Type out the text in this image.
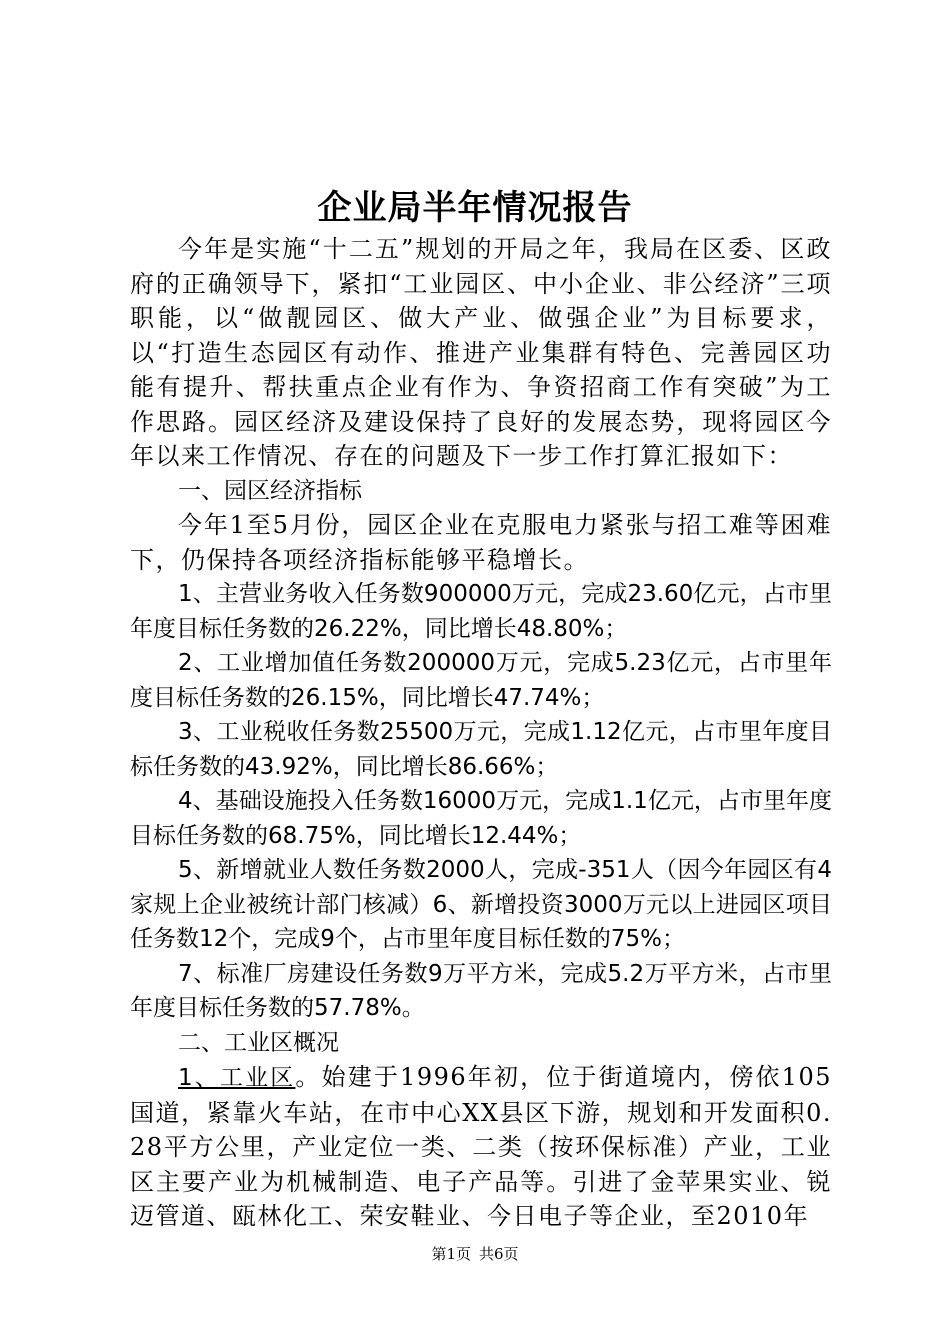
企业局半年情况报告

今年是实施“十二五”规划的开局之年，我局在区委、区政府的正确领导下，紧扣“工业园区、中小企业、非公经济”三项职能，以“做靓园区、做大产业、做强企业”为目标要求，以“打造生态园区有动作、推进产业集群有特色、完善园区功能有提升、帮扶重点企业有作为、争资招商工作有突破”为工作思路。园区经济及建设保持了良好的发展态势，现将园区今年以来工作情况、存在的问题及下一步工作打算汇报如下：

一、园区经济指标

今年1至5月份，园区企业在克服电力紧张与招工难等困难下，仍保持各项经济指标能够平稳增长。

1、主营业务收入任务数900000万元，完成23.60亿元，占市里年度目标任务数的26.22%，同比增长48.80%；

2、工业增加值任务数200000万元，完成5.23亿元，占市里年度目标任务数的26.15%，同比增长47.74%；

3、工业税收任务数25500万元，完成1.12亿元，占市里年度目标任务数的43.92%，同比增长86.66%；

4、基础设施投入任务数16000万元，完成1.1亿元，占市里年度目标任务数的68.75%，同比增长12.44%；

5、新增就业人数任务数2000人，完成-351人（因今年园区有4家规上企业被统计部门核减）6、新增投资3000万元以上进园区项目任务数12个，完成9个，占市里年度目标任数的75%；

7、标准厂房建设任务数9万平方米，完成5.2万平方米，占市里年度目标任务数的57.78%。

二、工业区概况

1、工业区。始建于1996年初，位于街道境内，傍依105国道，紧靠火车站，在市中心XX县区下游，规划和开发面积0.28平方公里，产业定位一类、二类（按环保标准）产业，工业区主要产业为机械制造、电子产品等。引进了金苹果实业、锐迈管道、瓯林化工、荣安鞋业、今日电子等企业，至2010年

第1页 共6页
